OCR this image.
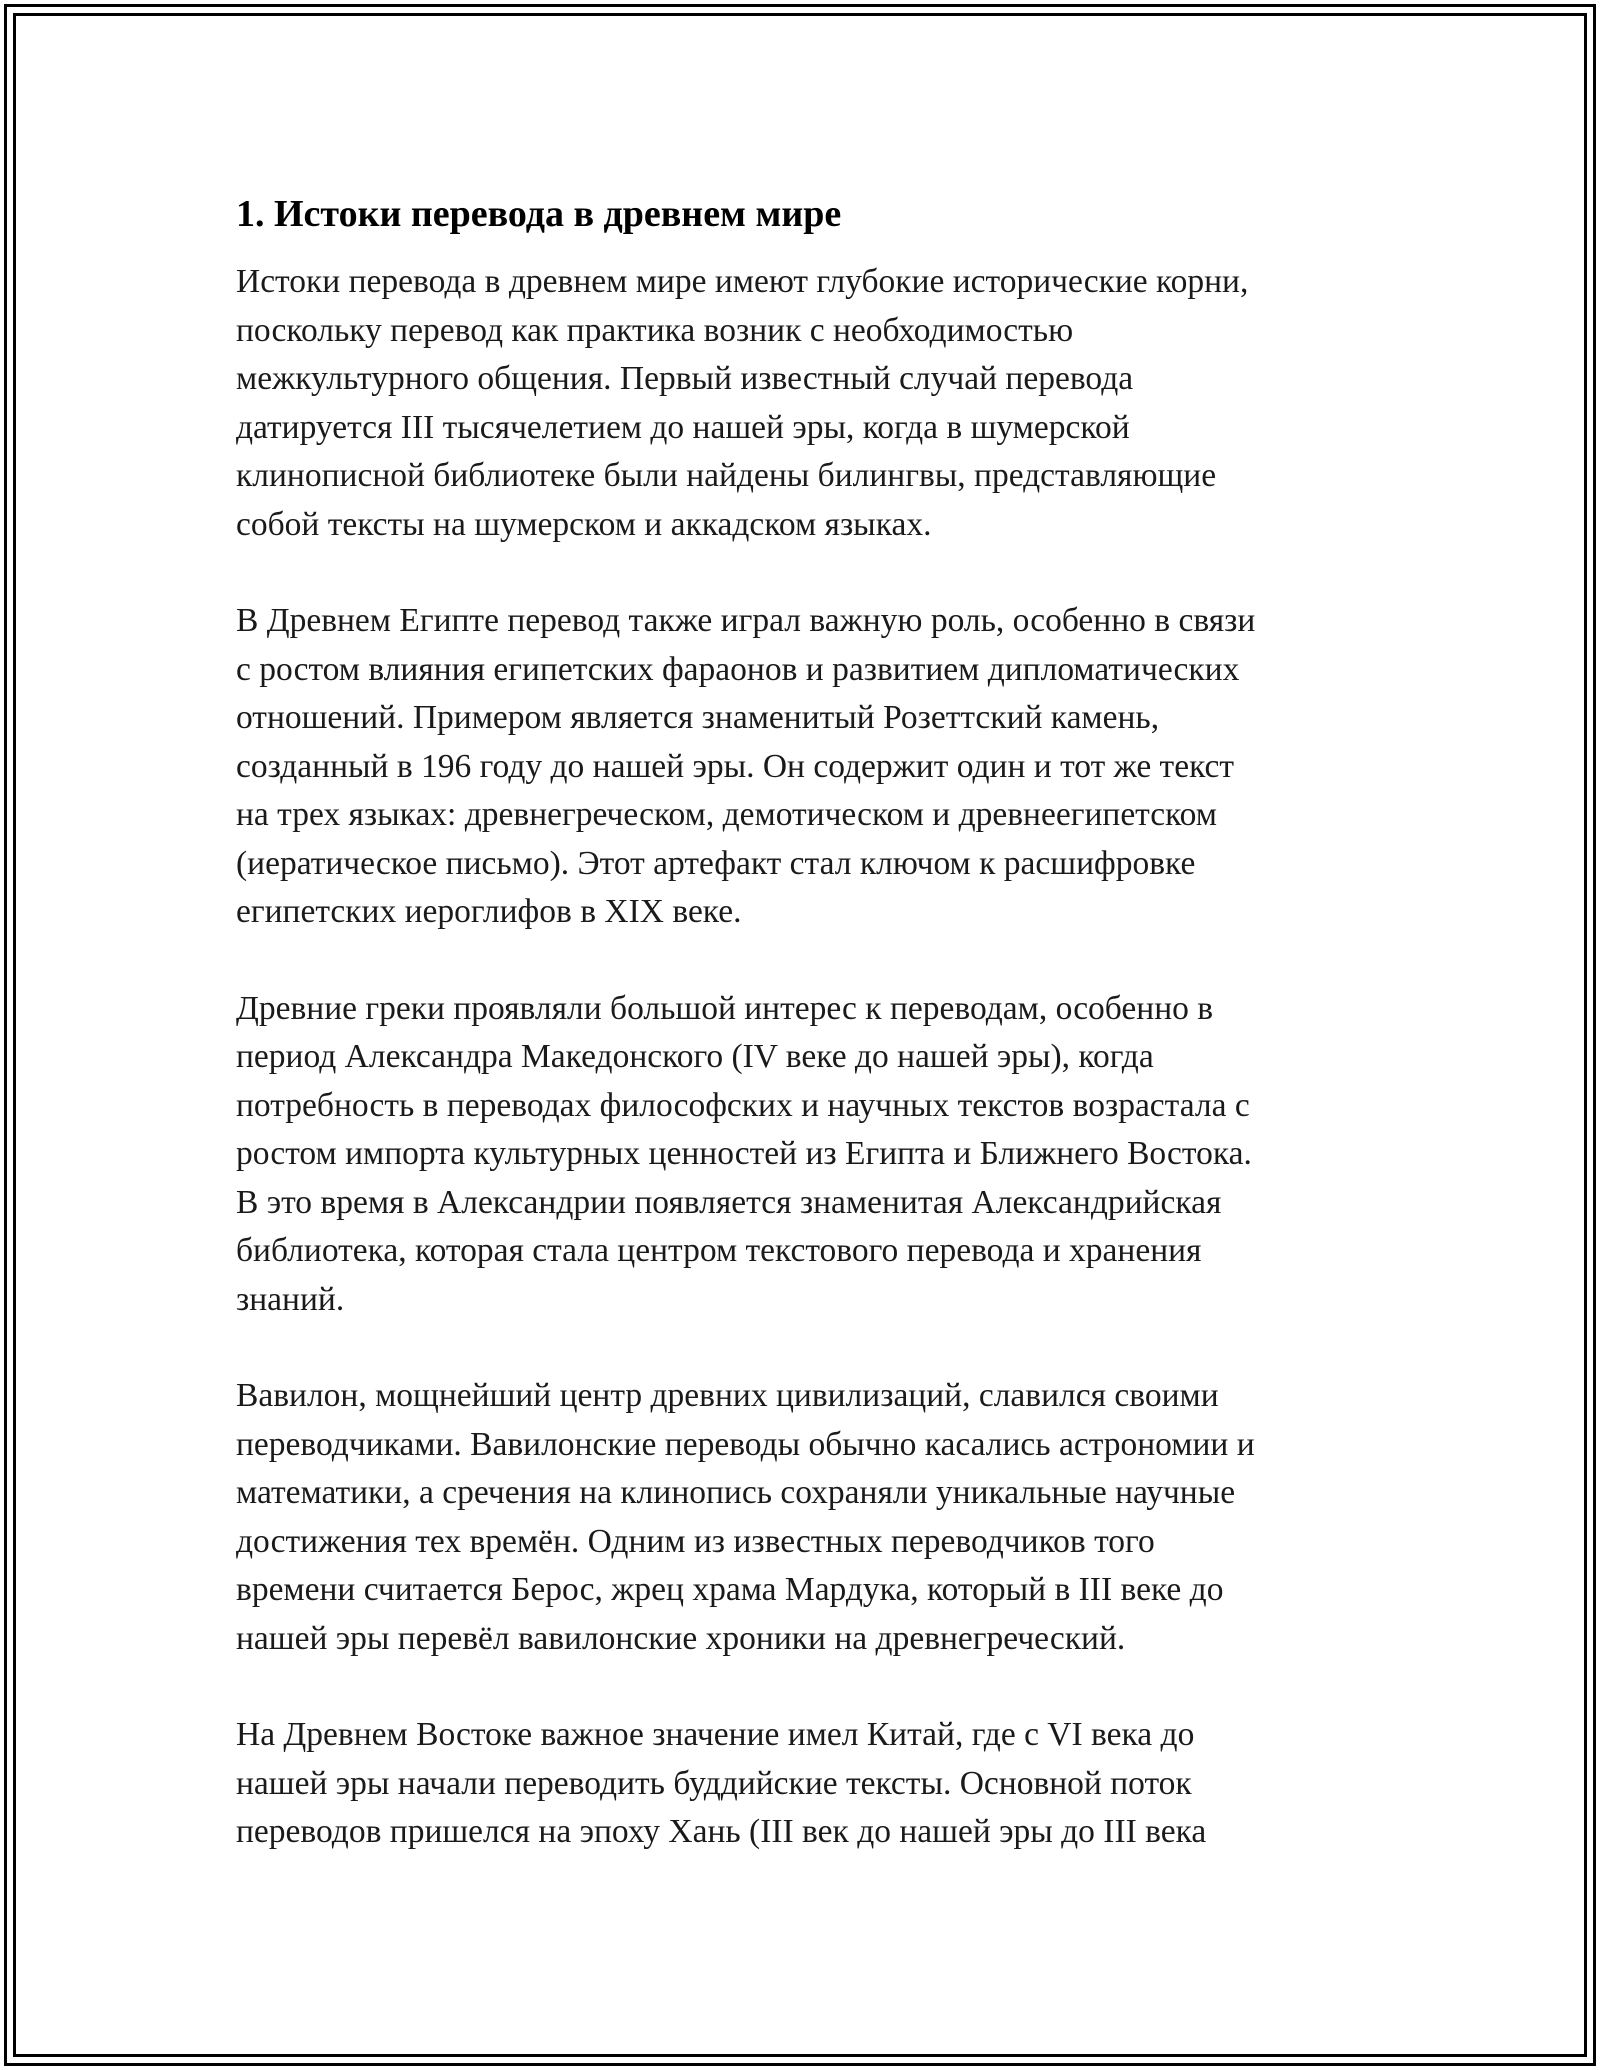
1. Истоки перевода в древнем мире

Истоки перевода в древнем мире имеют глубокие исторические корни,
поскольку перевод как практика возник с необходимостью
межкультурного общения. Первый известный случай перевода
датируется III тысячелетием до нашей эры, когда в шумерской
клинописной библиотеке были найдены билингвы, представляющие
собой тексты на шумерском и аккадском языках.

В Древнем Египте перевод также играл важную роль, особенно в связи
с ростом влияния египетских фараонов и развитием дипломатических
отношений. Примером является знаменитый Розеттский камень,
созданный в 196 году до нашей эры. Он содержит один и тот же текст
на трех языках: древнегреческом, демотическом и древнеегипетском
(иератическое письмо). Этот артефакт стал ключом к расшифровке
египетских иероглифов в XIX веке.

Древние греки проявляли большой интерес к переводам, особенно в
период Александра Македонского (IV веке до нашей эры), когда
потребность в переводах философских и научных текстов возрастала с
ростом импорта культурных ценностей из Египта и Ближнего Востока.
В это время в Александрии появляется знаменитая Александрийская
библиотека, которая стала центром текстового перевода и хранения
знаний.

Вавилон, мощнейший центр древних цивилизаций, славился своими
переводчиками. Вавилонские переводы обычно касались астрономии и
математики, а сречения на клинопись сохраняли уникальные научные
достижения тех времён. Одним из известных переводчиков того
времени считается Берос, жрец храма Мардука, который в III веке до
нашей эры перевёл вавилонские хроники на древнегреческий.

На Древнем Востоке важное значение имел Китай, где с VI века до
нашей эры начали переводить буддийские тексты. Основной поток
переводов пришелся на эпоху Хань (III век до нашей эры до III века
